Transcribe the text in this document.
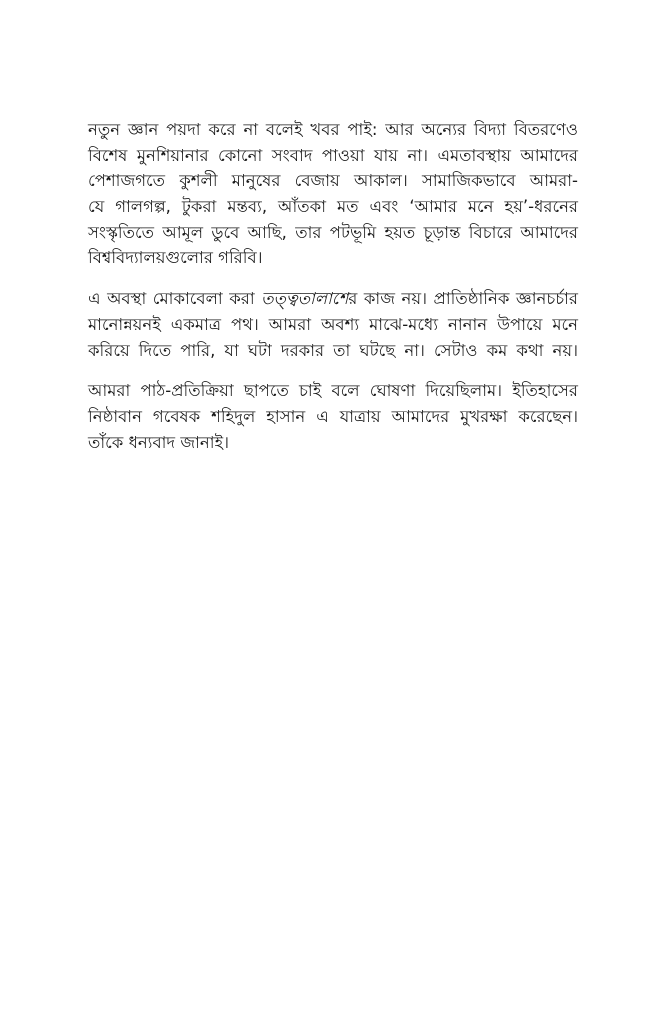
নতুন জ্ঞান পয়দা করে না বলেই খবর পাই: আর অন্যের বিদ্যা বিতরণেও
বিশেষ মুনশিয়ানার কোনো সংবাদ পাওয়া যায় না। এমতাবস্থায় আমাদের
পেশাজগতে কুশলী মানুষের বেজায় আকাল। সামাজিকভাবে আমরা-
যে গালগল্প, টুকরা মন্তব্য, আঁতকা মত এবং ‘আমার মনে হয়’-ধরনের
সংস্কৃতিতে আমূল ডুবে আছি, তার পটভূমি হয়ত চূড়ান্ত বিচারে আমাদের
বিশ্ববিদ্যালয়গুলোর গরিবি।
এ অবস্থা মোকাবেলা করা তত্ত্বতালাশের কাজ নয়। প্রাতিষ্ঠানিক জ্ঞানচর্চার
মানোন্নয়নই একমাত্র পথ। আমরা অবশ্য মাঝে-মধ্যে নানান উপায়ে মনে
করিয়ে দিতে পারি, যা ঘটা দরকার তা ঘটছে না। সেটাও কম কথা নয়।
আমরা পাঠ-প্রতিক্রিয়া ছাপতে চাই বলে ঘোষণা দিয়েছিলাম। ইতিহাসের
নিষ্ঠাবান গবেষক শহিদুল হাসান এ যাত্রায় আমাদের মুখরক্ষা করেছেন।
তাঁকে ধন্যবাদ জানাই।
